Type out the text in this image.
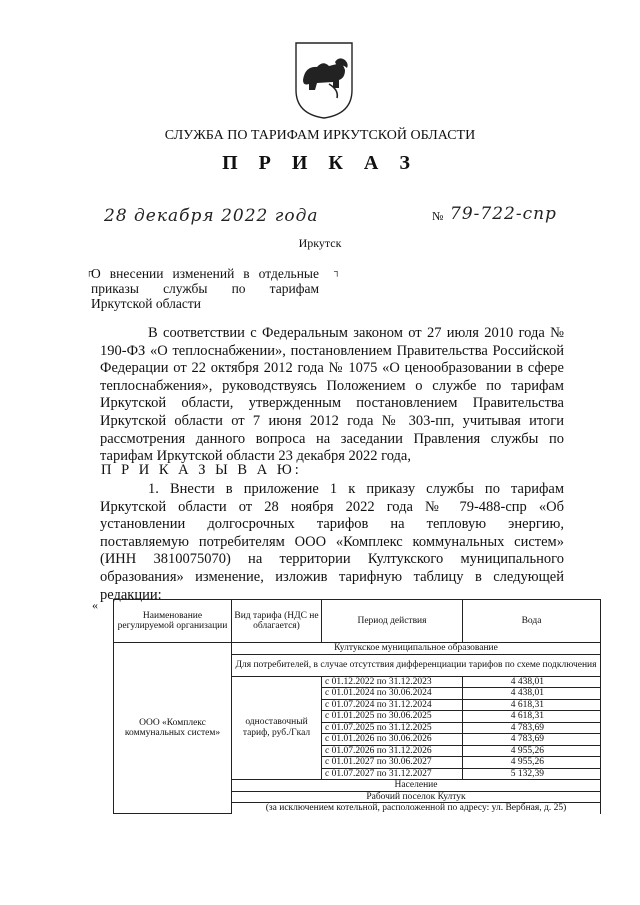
СЛУЖБА ПО ТАРИФАМ ИРКУТСКОЙ ОБЛАСТИ
П Р И К А З
28 декабря 2022 года	№ 79-722-спр
Иркутск
┌	┐
О внесении изменений в отдельные приказы службы по тарифам Иркутской области
В соответствии с Федеральным законом от 27 июля 2010 года № 190-ФЗ «О теплоснабжении», постановлением Правительства Российской Федерации от 22 октября 2012 года № 1075 «О ценообразовании в сфере теплоснабжения», руководствуясь Положением о службе по тарифам Иркутской области, утвержденным постановлением Правительства Иркутской области от 7 июня 2012 года № 303-пп, учитывая итоги рассмотрения данного вопроса на заседании Правления службы по тарифам Иркутской области 23 декабря 2022 года,
П Р И К А З Ы В А Ю:
1. Внести в приложение 1 к приказу службы по тарифам Иркутской области от 28 ноября 2022 года № 79-488-спр «Об установлении долгосрочных тарифов на тепловую энергию, поставляемую потребителям ООО «Комплекс коммунальных систем» (ИНН 3810075070) на территории Култукского муниципального образования» изменение, изложив тарифную таблицу в следующей редакции:
«
Наименование регулируемой организации	Вид тарифа (НДС не облагается)	Период действия	Вода
ООО «Комплекс коммунальных систем»	Култукское муниципальное образование		
	Для потребителей, в случае отсутствия дифференциации тарифов по схеме подключения		
	одноставочный тариф, руб./Гкал	с 01.12.2022 по 31.12.2023	4 438,01
		с 01.01.2024 по 30.06.2024	4 438,01
		с 01.07.2024 по 31.12.2024	4 618,31
		с 01.01.2025 по 30.06.2025	4 618,31
		с 01.07.2025 по 31.12.2025	4 783,69
		с 01.01.2026 по 30.06.2026	4 783,69
		с 01.07.2026 по 31.12.2026	4 955,26
		с 01.01.2027 по 30.06.2027	4 955,26
		с 01.07.2027 по 31.12.2027	5 132,39
	Население		
	Рабочий поселок Култук		
	(за исключением котельной, расположенной по адресу: ул. Вербная, д. 25)		
